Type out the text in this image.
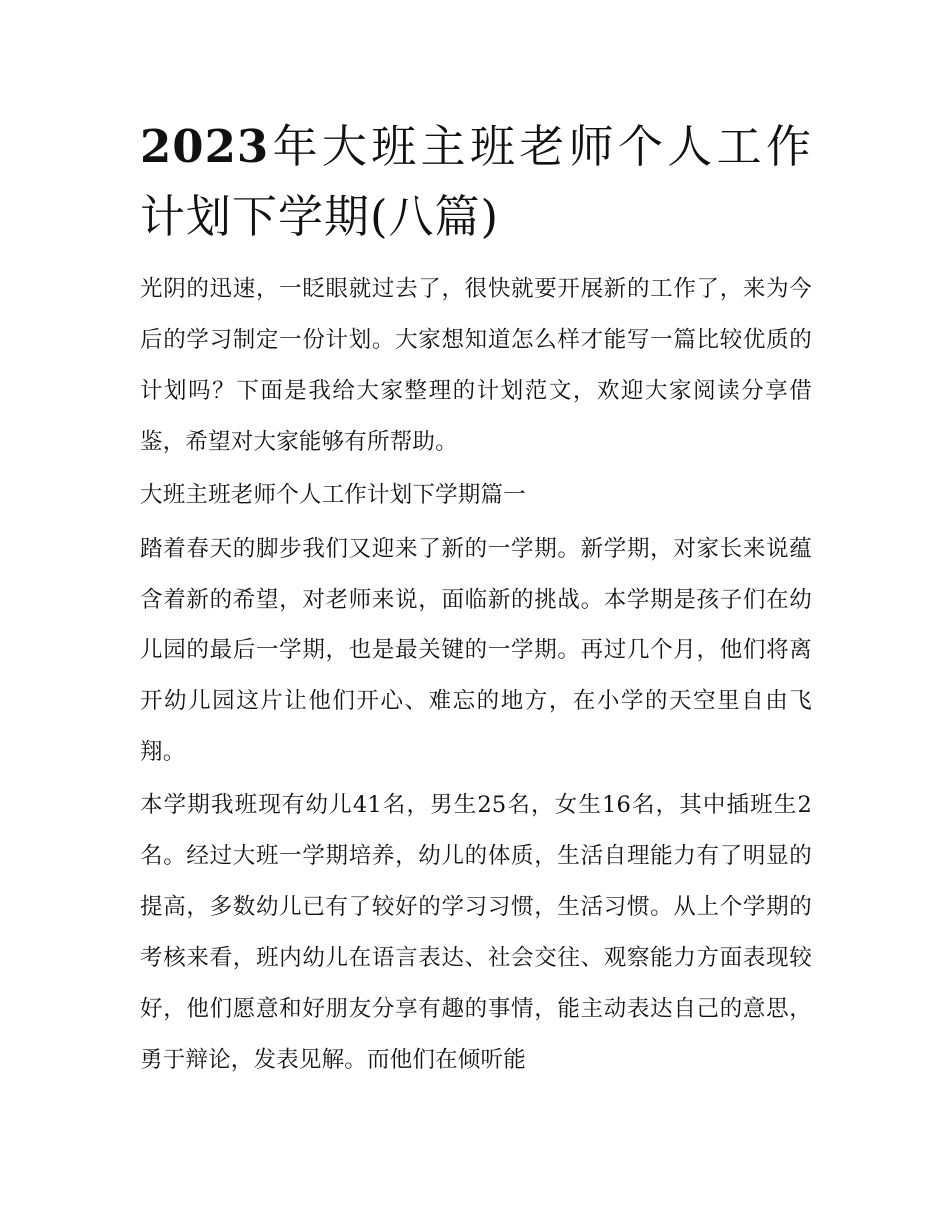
2023年大班主班老师个人工作计划下学期(八篇)

光阴的迅速，一眨眼就过去了，很快就要开展新的工作了，来为今后的学习制定一份计划。大家想知道怎么样才能写一篇比较优质的计划吗？下面是我给大家整理的计划范文，欢迎大家阅读分享借鉴，希望对大家能够有所帮助。

大班主班老师个人工作计划下学期篇一

踏着春天的脚步我们又迎来了新的一学期。新学期，对家长来说蕴含着新的希望，对老师来说，面临新的挑战。本学期是孩子们在幼儿园的最后一学期，也是最关键的一学期。再过几个月，他们将离开幼儿园这片让他们开心、难忘的地方，在小学的天空里自由飞翔。

本学期我班现有幼儿41名，男生25名，女生16名，其中插班生2名。经过大班一学期培养，幼儿的体质，生活自理能力有了明显的提高，多数幼儿已有了较好的学习习惯，生活习惯。从上个学期的考核来看，班内幼儿在语言表达、社会交往、观察能力方面表现较好，他们愿意和好朋友分享有趣的事情，能主动表达自己的意思，勇于辩论，发表见解。而他们在倾听能
